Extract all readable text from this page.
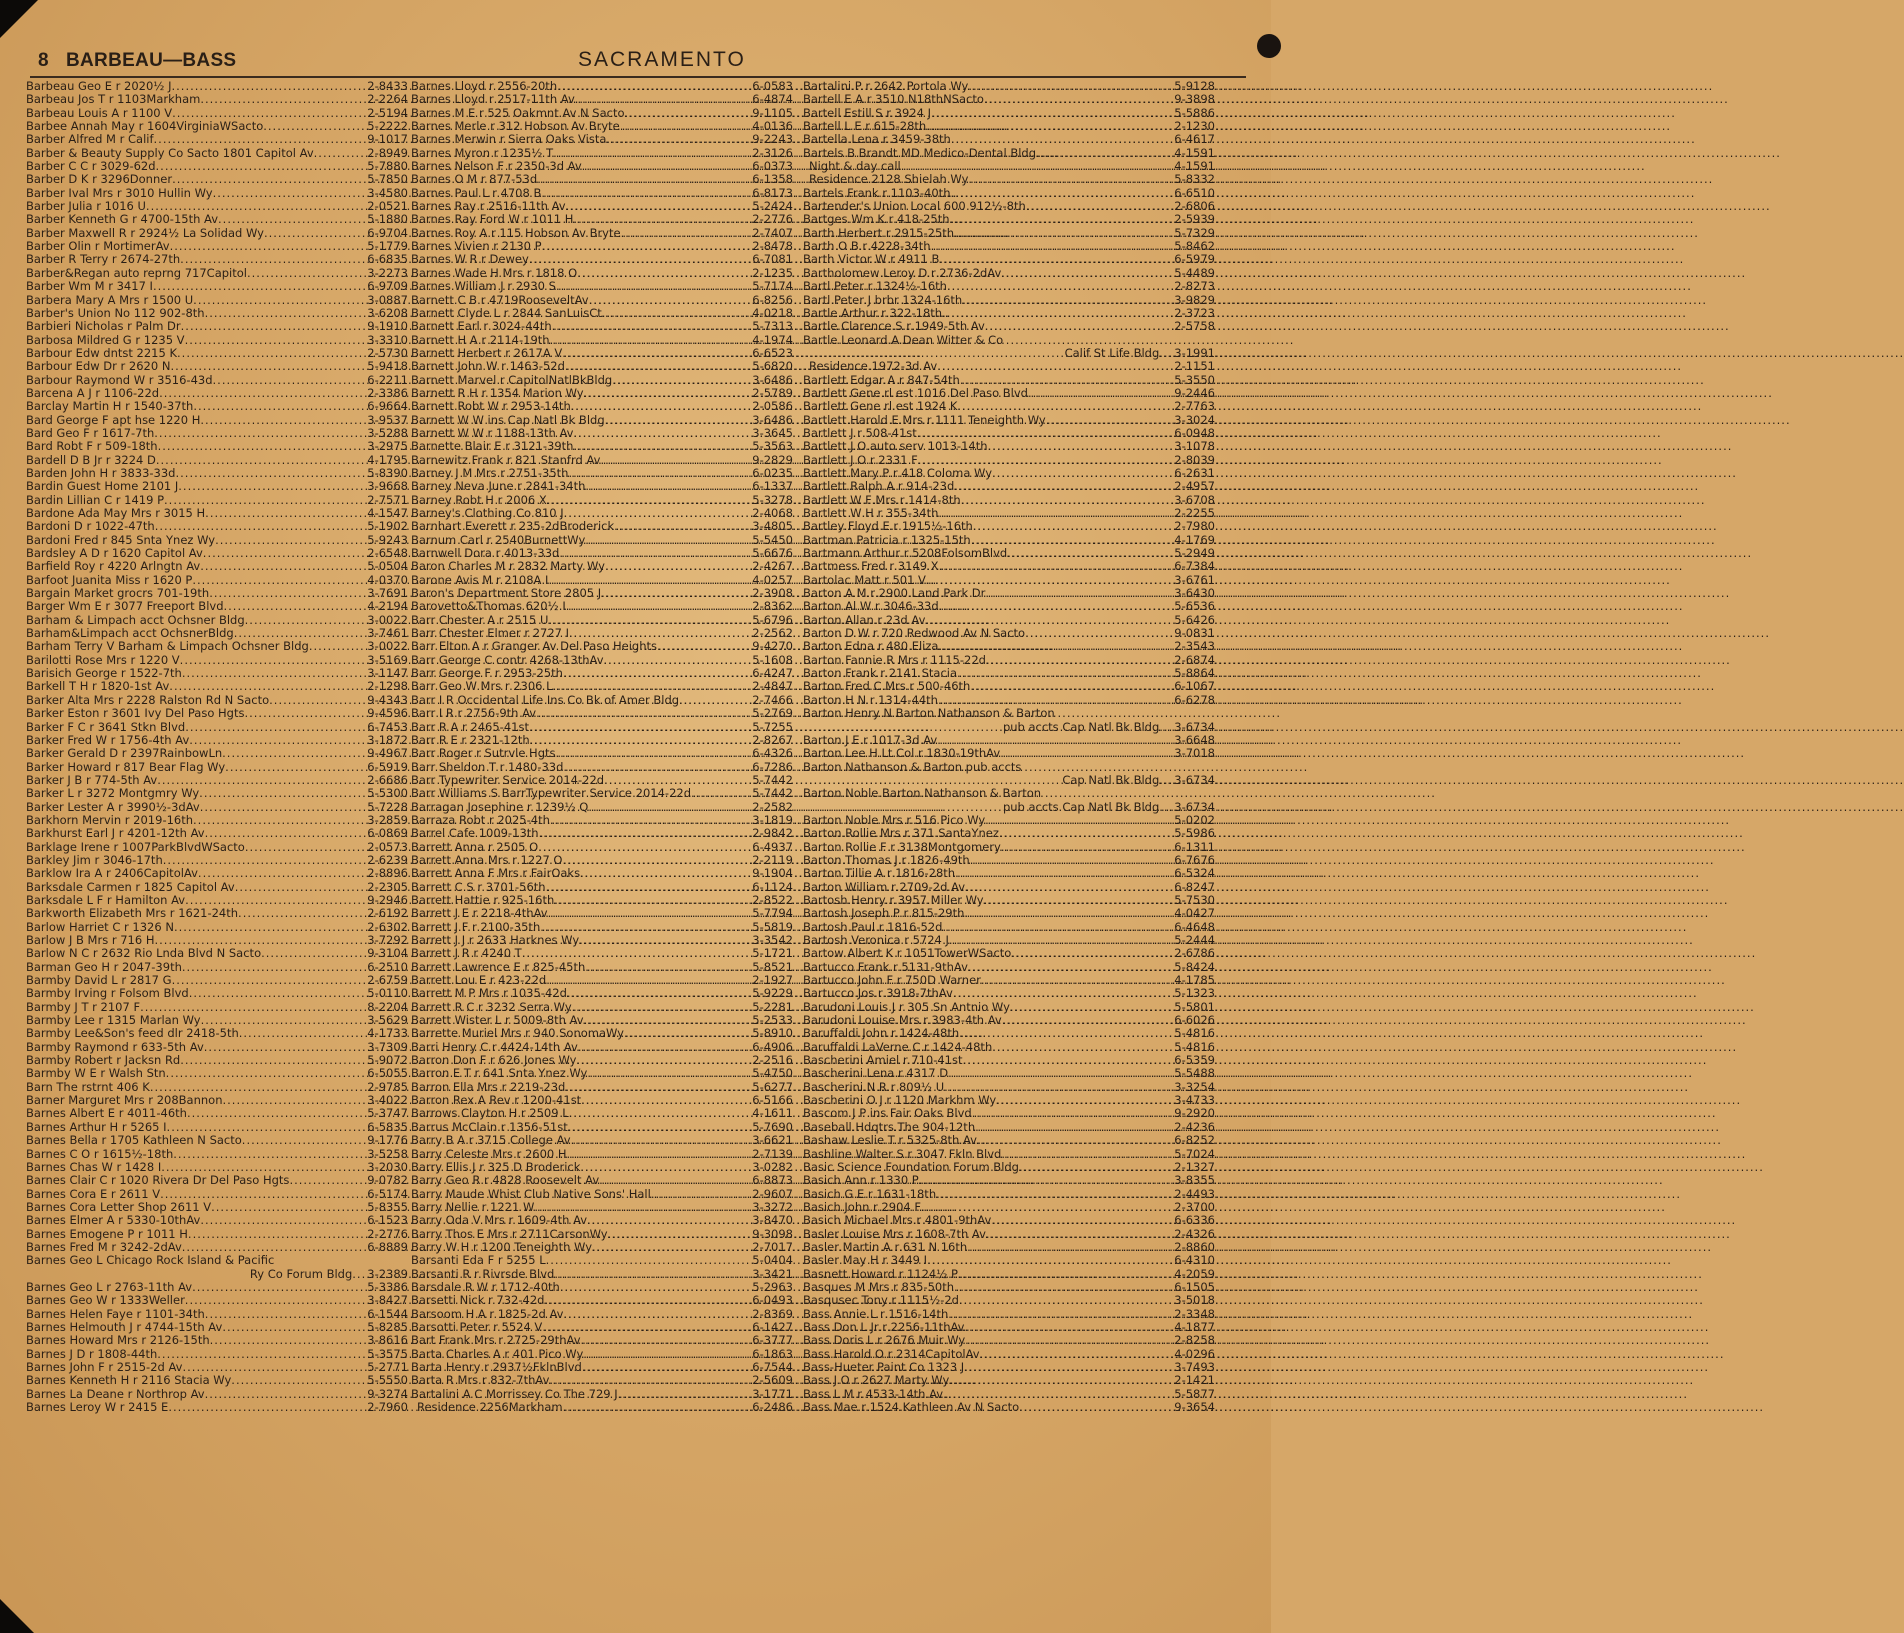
8 BARBEAU—BASS	SACRAMENTO
Barbeau Geo E r 2020½ J .....	2-8433
Barbeau Jos T r 1103Markham .....	2-2264
Barbeau Louis A r 1100 V .....	2-5194
Barbee Annah May r 1604VirginiaWSacto .....	5-2222
Barber Alfred M r Calif .....	9-1017
Barber & Beauty Supply Co Sacto 1801 Capitol Av .....	2-8949
Barber C C r 3029-62d .....	5-7880
Barber D K r 3296Donner .....	5-7850
Barber Ival Mrs r 3010 Hullin Wy .....	3-4580
Barber Julia r 1016 U .....	2-0521
Barber Kenneth G r 4700-15th Av .....	5-1880
Barber Maxwell R r 2924½ La Solidad Wy .....	6-9704
Barber Olin r MortimerAv .....	5-1779
Barber R Terry r 2674-27th .....	6-6835
Barber&Regan auto reprng 717Capitol .....	3-2273
Barber Wm M r 3417 I .....	6-9709
Barbera Mary A Mrs r 1500 U .....	3-0887
Barber's Union No 112 902-8th .....	3-6208
Barbieri Nicholas r Palm Dr .....	9-1910
Barbosa Mildred G r 1235 V .....	3-3310
Barbour Edw dntst 2215 K .....	2-5730
Barbour Edw Dr r 2620 N .....	5-9418
Barbour Raymond W r 3516-43d .....	6-2211
Barcena A J r 1106-22d .....	2-3386
Barclay Martin H r 1540-37th .....	6-9664
Bard George F apt hse 1220 H .....	3-9537
Bard Geo F r 1617-7th .....	3-5288
Bard Robt F r 509-18th .....	3-2975
Bardell D B Jr r 3224 D .....	4-1795
Barden John H r 3833-33d .....	5-8390
Bardin Guest Home 2101 J .....	3-9668
Bardin Lillian C r 1419 P .....	2-7571
Bardone Ada May Mrs r 3015 H .....	4-1547
Bardoni D r 1022-47th .....	5-1902
Bardoni Fred r 845 Snta Ynez Wy .....	5-9243
Bardsley A D r 1620 Capitol Av .....	2-6548
Barfield Roy r 4220 Arlngtn Av .....	5-0504
Barfoot Juanita Miss r 1620 P .....	4-0370
Bargain Market grocrs 701-19th .....	3-7691
Barger Wm E r 3077 Freeport Blvd .....	4-2194
Barham & Limpach acct Ochsner Bldg .....	3-0022
Barham&Limpach acct OchsnerBldg .....	3-7461
Barham Terry V Barham & Limpach Ochsner Bldg .....	3-0022
Barilotti Rose Mrs r 1220 V .....	3-5169
Barisich George r 1522-7th .....	3-1147
Barkell T H r 1820-1st Av .....	2-1298
Barker Alta Mrs r 2228 Ralston Rd N Sacto .....	9-4343
Barker Eston r 3601 Ivy Del Paso Hgts .....	9-4596
Barker F C r 3641 Stkn Blvd .....	6-7453
Barker Fred W r 1756-4th Av .....	3-1872
Barker Gerald D r 2397RainbowLn .....	9-4967
Barker Howard r 817 Bear Flag Wy .....	6-5919
Barker J B r 774-5th Av .....	2-6686
Barker L r 3272 Montgmry Wy .....	5-5300
Barker Lester A r 3990½-3dAv .....	5-7228
Barkhorn Mervin r 2019-16th .....	3-2859
Barkhurst Earl J r 4201-12th Av .....	6-0869
Barklage Irene r 1007ParkBlvdWSacto .....	2-0573
Barkley Jim r 3046-17th .....	2-6239
Barklow Ira A r 2406CapitolAv .....	2-8896
Barksdale Carmen r 1825 Capitol Av .....	2-2305
Barksdale L F r Hamilton Av .....	9-2946
Barkworth Elizabeth Mrs r 1621-24th .....	2-6192
Barlow Harriet C r 1326 N .....	2-6302
Barlow J B Mrs r 716 H .....	3-7292
Barlow N C r 2632 Rio Lnda Blvd N Sacto .....	9-3104
Barman Geo H r 2047-39th .....	6-2510
Barmby David L r 2817 G .....	2-6759
Barmby Irving r Folsom Blvd .....	5-0110
Barmby J T r 2107 F .....	8-2204
Barmby Lee r 1315 Marlan Wy .....	3-5629
Barmby Lee&Son's feed dlr 2418-5th .....	4-1733
Barmby Raymond r 633-5th Av .....	3-7309
Barmby Robert r Jacksn Rd .....	5-9072
Barmby W E r Walsh Stn .....	6-5055
Barn The rstrnt 406 K .....	2-9785
Barner Marguret Mrs r 208Bannon .....	3-4022
Barnes Albert E r 4011-46th .....	5-3747
Barnes Arthur H r 5265 I .....	6-5835
Barnes Bella r 1705 Kathleen N Sacto .....	9-1776
Barnes C O r 1615½-18th .....	3-5258
Barnes Chas W r 1428 I .....	3-2030
Barnes Clair C r 1020 Rivera Dr Del Paso Hgts .....	9-0782
Barnes Cora E r 2611 V .....	6-5174
Barnes Cora Letter Shop 2611 V .....	5-8355
Barnes Elmer A r 5330-10thAv .....	6-1523
Barnes Emogene P r 1011 H .....	2-2776
Barnes Fred M r 3242-2dAv .....	6-8889
Barnes Geo L Chicago Rock Island & Pacific
Ry Co Forum Bldg ..... 3-2389
Barnes Geo L r 2763-11th Av .....	5-3386
Barnes Geo W r 1333Weller .....	3-8427
Barnes Helen Faye r 1101-34th .....	6-1544
Barnes Helmouth J r 4744-15th Av .....	5-8285
Barnes Howard Mrs r 2126-15th .....	3-8616
Barnes J D r 1808-44th .....	5-3575
Barnes John F r 2515-2d Av .....	5-2771
Barnes Kenneth H r 2116 Stacia Wy .....	5-5550
Barnes La Deane r Northrop Av .....	9-3274
Barnes Leroy W r 2415 E .....	2-7960
Barnes Lloyd r 2556-20th .....	6-0583
Barnes Lloyd r 2517-11th Av .....	6-4874
Barnes M E r 525 Oakmnt Av N Sacto .....	9-1105
Barnes Merle r 312 Hobson Av Bryte .....	4-0136
Barnes Merwin r Sierra Oaks Vista .....	9-2243
Barnes Myron r 1235½ T .....	2-3126
Barnes Nelson F r 2350-3d Av .....	6-0373
Barnes O M r 877-53d .....	6-1358
Barnes Paul L r 4708 B .....	6-8173
Barnes Ray r 2516-11th Av .....	5-2424
Barnes Ray Ford W r 1011 H .....	2-2776
Barnes Roy A r 115 Hobson Av Bryte .....	2-7407
Barnes Vivien r 2130 P .....	2-8478
Barnes W R r Dewey .....	6-7081
Barnes Wade H Mrs r 1818 O .....	2-1235
Barnes William J r 2930 S .....	5-7174
Barnett C B r 4719RooseveltAv .....	6-8256
Barnett Clyde L r 2844 SanLuisCt .....	4-0218
Barnett Earl r 3024-44th .....	5-7313
Barnett H A r 2114-19th .....	4-1974
Barnett Herbert r 2617A V .....	6-6523
Barnett John W r 1463-52d .....	5-6820
Barnett Marvel r CapitolNatlBkBldg .....	3-6486
Barnett R H r 1354 Marion Wy .....	2-5789
Barnett Robt W r 2953-14th .....	2-0586
Barnett W W ins Cap Natl Bk Bldg .....	3-6486
Barnett W W r 1188-13th Av .....	3-3645
Barnette Blair E r 3121-39th .....	5-3563
Barnewitz Frank r 821 Stanfrd Av .....	9-2829
Barney J M Mrs r 2751-35th .....	6-0235
Barney Neva June r 2841-34th .....	6-1337
Barney Robt H r 2006 X .....	5-3278
Barney's Clothing Co 810 J .....	2-4068
Barnhart Everett r 235-2dBroderick .....	3-4805
Barnum Carl r 2540BurnettWy .....	5-5450
Barnwell Dora r 4013-33d .....	5-6676
Baron Charles M r 2832 Marty Wy .....	2-4267
Barone Avis M r 2108A I .....	4-0257
Baron's Department Store 2805 J .....	2-3908
Barovetto&Thomas 620½ I .....	2-8362
Barr Chester A r 2515 U .....	5-6796
Barr Chester Elmer r 2727 I .....	2-2562
Barr Elton A r Granger Av Del Paso Heights .....	9-4270
Barr George C contr 4268-13thAv .....	5-1608
Barr George F r 2953-25th .....	6-4247
Barr Geo W Mrs r 2306 L .....	2-4847
Barr I R Occidental Life Ins Co Bk of Amer Bldg .....	2-7466
Barr I R r 2756-9th Av .....	5-2769
Barr R A r 2465-41st .....	5-7255
Barr R E r 2321-12th .....	2-8267
Barr Roger r Sutrvle Hgts .....	6-4326
Barr Sheldon T r 1480-33d .....	6-7286
Barr Typewriter Service 2014-22d .....	5-7442
Barr Williams S BarrTypewriter Service 2014-22d .....	5-7442
Barragan Josephine r 1239½ Q .....	2-2582
Barraza Robt r 2025-4th .....	3-1819
Barrel Cafe 1009-13th .....	2-9842
Barrett Anna r 2505 O .....	6-4937
Barrett Anna Mrs r 1227 O .....	2-2119
Barrett Anna F Mrs r FairOaks .....	9-1904
Barrett C S r 3701-56th .....	6-1124
Barrett Hattie r 925-16th .....	2-8522
Barrett J E r 2218-4thAv .....	5-7794
Barrett J F r 2100-35th .....	5-5819
Barrett J J r 2633 Harknes Wy .....	3-3542
Barrett J R r 4240 T .....	5-1721
Barrett Lawrence E r 825-45th .....	5-8521
Barrett Lou E r 423-22d .....	2-1927
Barrett M P Mrs r 1035-42d .....	5-9229
Barrett R C r 3232 Serra Wy .....	5-2281
Barrett Wister L r 5009-8th Av .....	5-2533
Barrette Muriel Mrs r 940 SonomaWy .....	5-8910
Barri Henry C r 4424-14th Av .....	6-4906
Barron Don F r 626 Jones Wy .....	2-2516
Barron E T r 641 Snta Ynez Wy .....	5-4750
Barron Ella Mrs r 2219-23d .....	5-6277
Barron Rex A Rev r 1200-41st .....	6-5166
Barrows Clayton H r 2509 L .....	4-1611
Barrus McClain r 1356-51st .....	5-7690
Barry B A r 3715 College Av .....	3-6621
Barry Celeste Mrs r 2600 H .....	2-7139
Barry Ellis J r 325 D Broderick .....	3-0282
Barry Geo R r 4828 Roosevelt Av .....	6-8873
Barry Maude Whist Club Native Sons' Hall .....	2-9607
Barry Nellie r 1221 W .....	3-3272
Barry Oda V Mrs r 1609-4th Av .....	3-8470
Barry Thos E Mrs r 2711CarsonWy .....	9-3098
Barry W H r 1200 Teneighth Wy .....	2-7017
Barsanti Eda F r 5255 L .....	5-0404
Barsanti R r Rivrsde Blvd .....	3-3421
Barsdale R W r 1712-40th .....	5-2963
Barsetti Nick r 732-42d .....	6-0493
Barsoom H A r 1825-2d Av .....	2-8369
Barsotti Peter r 5524 V .....	6-1427
Bart Frank Mrs r 2725-29thAv .....	6-3777
Barta Charles A r 401 Pico Wy .....	6-1863
Barta Henry r 2937½FklnBlvd .....	6-7544
Barta R Mrs r 832-7thAv .....	2-5609
Bartalini A C Morrissey Co The 729 J .....	3-1771
Residence 2256Markham .....	6-2486
Bartalini P r 2642 Portola Wy .....	5-9128
Bartell E A r 3510 N18thNSacto .....	9-3898
Bartell Estill S r 3924 J .....	5-5886
Bartell L E r 615-28th .....	2-1230
Bartella Lena r 3459-38th .....	6-4617
Bartels B Brandt MD Medico-Dental Bldg .....	4-1591
Night & day call .....	4-1591
Residence 2128 Shielah Wy .....	5-8332
Bartels Frank r 1103-40th .....	6-6510
Bartender's Union Local 600 912½-8th .....	2-6806
Bartges Wm K r 418-25th .....	2-5939
Barth Herbert r 2915-25th .....	5-7329
Barth O B r 4228-34th .....	5-8462
Barth Victor W r 4911 B .....	6-5979
Bartholomew Leroy D r 2736-2dAv .....	5-4489
Bartl Peter r 1324½-16th .....	2-8273
Bartl Peter J brbr 1324-16th .....	3-9829
Bartle Arthur r 322-18th .....	2-3723
Bartle Clarence S r 1949-5th Av .....	2-5758
Bartle Leonard A Dean Witter & Co
Calif St Life Bldg ..... 3-1991
Residence 1972-3d Av .....	2-1151
Bartlett Edgar A r 847-54th .....	5-3550
Bartlett Gene rl est 1016 Del Paso Blvd .....	9-2446
Bartlett Gene rl est 1924 K .....	2-7763
Bartlett Harold E Mrs r 1111 Teneighth Wy .....	3-3024
Bartlett J r 508-41st .....	6-0948
Bartlett J O auto serv 1013-14th .....	3-1078
Bartlett J O r 2331 F .....	2-8039
Bartlett Mary P r 418 Coloma Wy .....	6-2631
Bartlett Ralph A r 914-23d .....	2-4957
Bartlett W F Mrs r 1414-8th .....	3-6708
Bartlett W H r 355-34th .....	2-2255
Bartley Floyd E r 1915½-16th .....	2-7980
Bartman Patricia r 1325-15th .....	4-1769
Bartmann Arthur r 5208FolsomBlvd .....	5-2949
Bartmess Fred r 3149 X .....	6-7384
Bartolac Matt r 501 V .....	3-6761
Barton A M r 2900 Land Park Dr .....	3-6430
Barton Al W r 3046-33d .....	5-6536
Barton Allan r 23d Av .....	5-6426
Barton D W r 720 Redwood Av N Sacto .....	9-0831
Barton Edna r 480 Eliza .....	2-3543
Barton Fannie R Mrs r 1115-22d .....	2-6874
Barton Frank r 2141 Stacia .....	5-8864
Barton Fred C Mrs r 500-46th .....	6-1067
Barton H N r 1314-44th .....	6-6278
Barton Henry N Barton Nathanson & Barton
pub accts Cap Natl Bk Bldg ..... 3-6734
Barton J E r 1017-3d Av .....	3-6648
Barton Lee H Lt Col r 1830-19thAv .....	3-7018
Barton Nathanson & Barton pub accts
Cap Natl Bk Bldg ..... 3-6734
Barton Noble Barton Nathanson & Barton
pub accts Cap Natl Bk Bldg ..... 3-6734
Barton Noble Mrs r 516 Pico Wy .....	5-0202
Barton Rollie Mrs r 371 SantaYnez .....	5-5986
Barton Rollie F r 3138Montgomery .....	6-1311
Barton Thomas J r 1826-49th .....	6-7676
Barton Tillie A r 1816-28th .....	6-5324
Barton William r 2709-2d Av .....	6-8247
Bartosh Henry r 3957 Miller Wy .....	5-7530
Bartosh Joseph P r 815-29th .....	4-0427
Bartosh Paul r 1816-52d .....	6-4648
Bartosh Veronica r 5724 J .....	5-2444
Bartow Albert K r 1051TowerWSacto .....	2-6786
Bartucco Frank r 5131-9thAv .....	5-8424
Bartucco John F r 750D Warner .....	4-1785
Bartucco Jos r 3918-7thAv .....	5-1323
Barudoni Louis J r 305 Sn Antnio Wy .....	5-5801
Barudoni Louise Mrs r 3983-4th Av .....	6-6026
Baruffaldi John r 1424-48th .....	5-4816
Baruffaldi LaVerne C r 1424-48th .....	5-4816
Bascherini Amiel r 710-41st .....	6-5359
Bascherini Lena r 4317 D .....	5-5488
Bascherini N R r 809½ U .....	3-3254
Bascherini O J r 1120 Markhm Wy .....	3-4733
Bascom J P ins Fair Oaks Blvd .....	9-2920
Baseball Hdqtrs The 904-12th .....	2-4236
Bashaw Leslie T r 5325-8th Av .....	6-8252
Bashline Walter S r 3047 Fkln Blvd .....	5-7024
Basic Science Foundation Forum Bldg .....	2-1327
Basich Ann r 1330 P .....	3-8355
Basich G E r 1631-18th .....	2-4493
Basich John r 2904 F .....	2-3700
Basich Michael Mrs r 4801-9thAv .....	6-6336
Basler Louise Mrs r 1608-7th Av .....	2-4326
Basler Martin A r 631 N 16th .....	2-8860
Basler May H r 3449 I .....	6-4310
Basnett Howard r 1124½ P .....	4-2059
Basques M Mrs r 835-50th .....	6-1505
Basqusec Tony r 1115½-2d .....	3-5018
Bass Annie L r 1516-14th .....	2-3348
Bass Don L Jr r 2256-11thAv .....	4-1877
Bass Doris L r 2676 Muir Wy .....	2-8258
Bass Harold O r 2314CapitolAv .....	4-0296
Bass-Hueter Paint Co 1323 J .....	3-7493
Bass J O r 2627 Marty Wy .....	2-1421
Bass L M r 4533-14th Av .....	5-5877
Bass Mae r 1524 Kathleen Av N Sacto .....	9-3654
